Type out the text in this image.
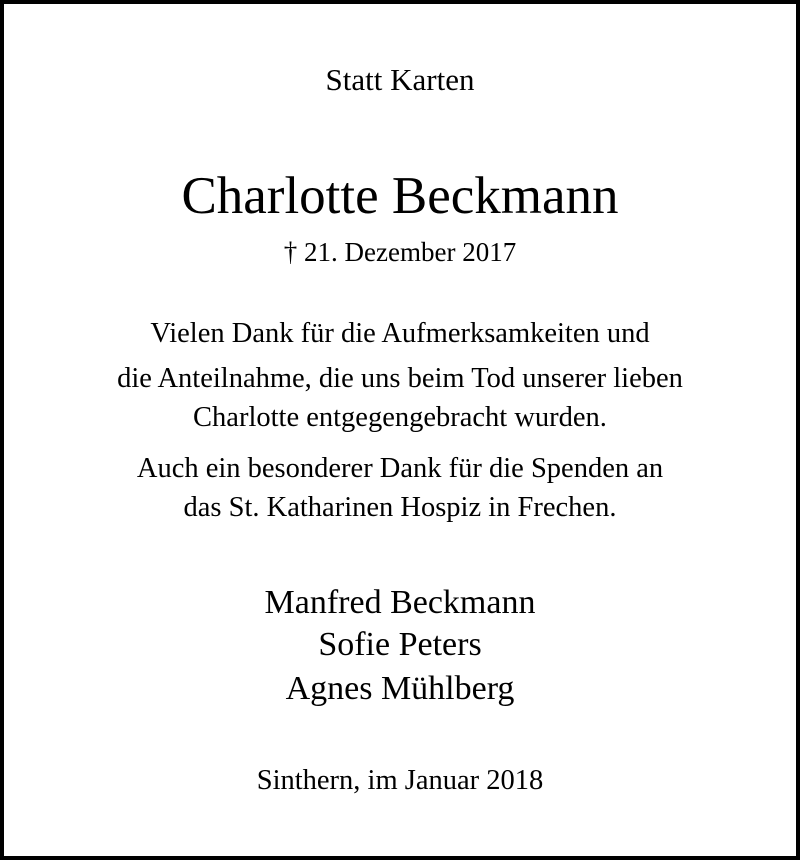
Statt Karten
Charlotte Beckmann
† 21. Dezember 2017
Vielen Dank für die Aufmerksamkeiten und
die Anteilnahme, die uns beim Tod unserer lieben
Charlotte entgegengebracht wurden.
Auch ein besonderer Dank für die Spenden an
das St. Katharinen Hospiz in Frechen.
Manfred Beckmann
Sofie Peters
Agnes Mühlberg
Sinthern, im Januar 2018
